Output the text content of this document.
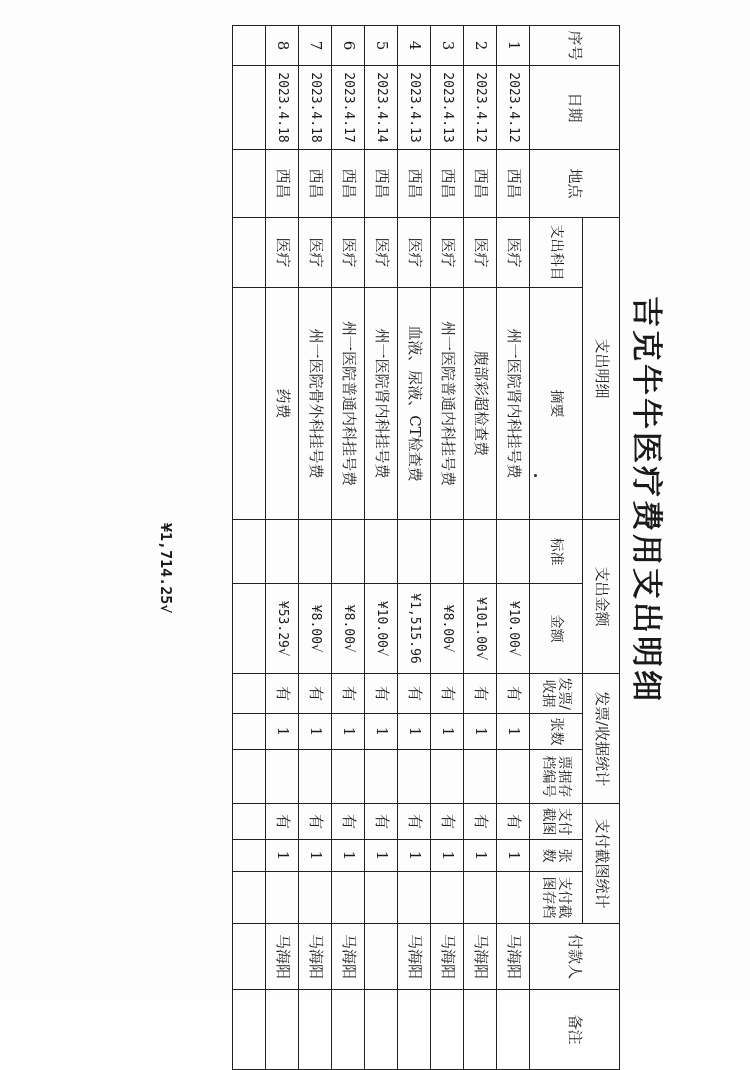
吉克牛牛医疗费用支出明细
序号	日期	地点	支出明细		支出金额		发票/收据统计			支付截图统计			付款人	备注
			支出科目	摘要	标准	金额	发票/收据	张数	票据存档编号	支付截图	张数	支付截图存档		
1	2023.4.12	西昌	医疗	州一医院肾内科挂号费		¥10.00√	有	1		有	1		马海阳	
2	2023.4.12	西昌	医疗	腹部彩超检查费		¥101.00√	有	1		有	1		马海阳	
3	2023.4.13	西昌	医疗	州一医院普通内科挂号费		¥8.00√	有	1		有	1		马海阳	
4	2023.4.13	西昌	医疗	血液、尿液、CT检查费		¥1,515.96	有	1		有	1		马海阳	
5	2023.4.14	西昌	医疗	州一医院肾内科挂号费		¥10.00√	有	1		有	1			
6	2023.4.17	西昌	医疗	州一医院普通内科挂号费		¥8.00√	有	1		有	1		马海阳	
7	2023.4.18	西昌	医疗	州一医院骨外科挂号费		¥8.00√	有	1		有	1		马海阳	
8	2023.4.18	西昌	医疗	药费		¥53.29√	有	1		有	1		马海阳	

¥1,714.25√
